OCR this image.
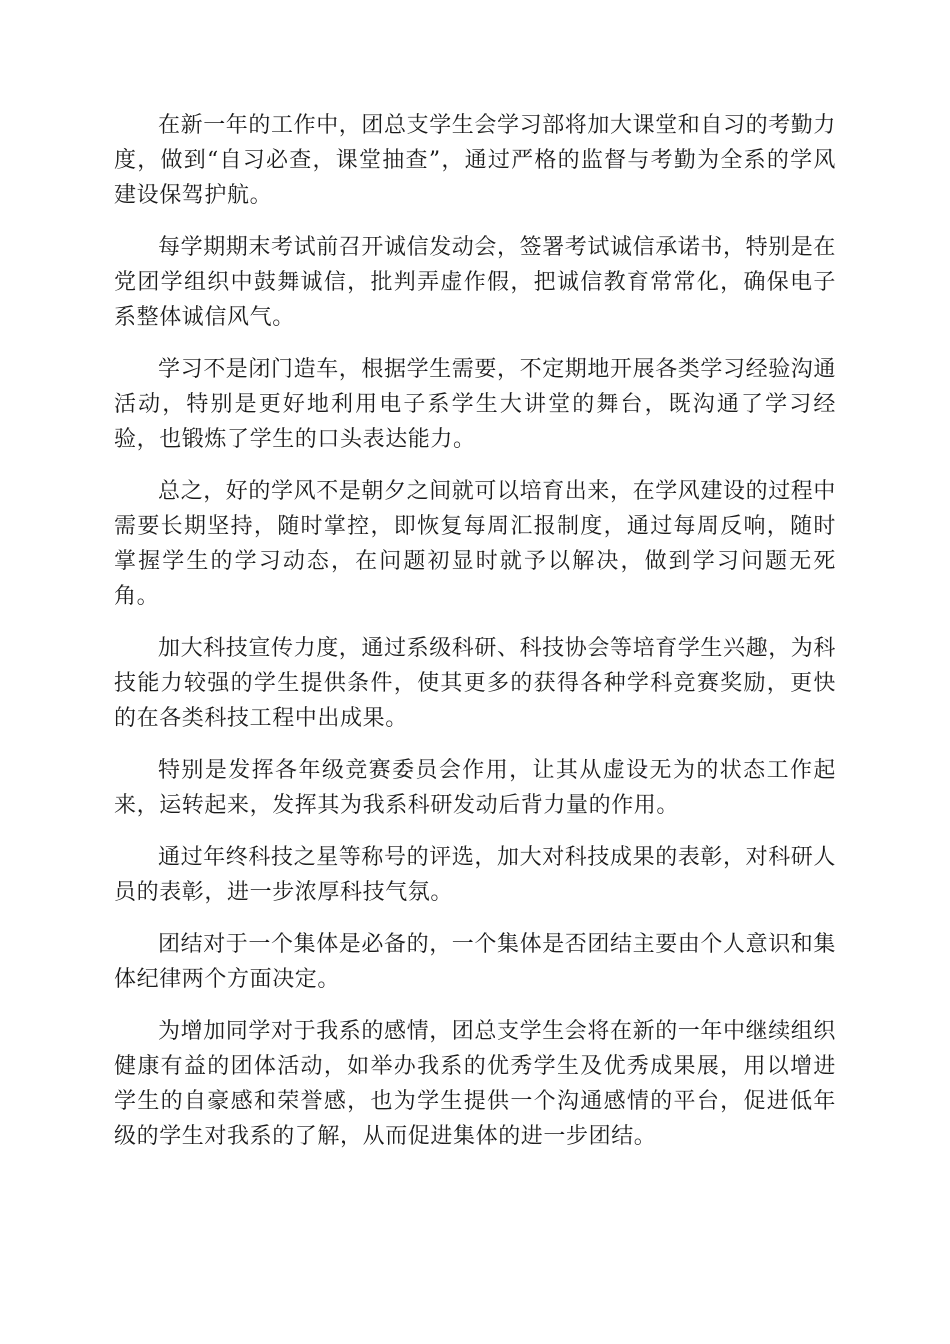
在新一年的工作中，团总支学生会学习部将加大课堂和自习的考勤力度，做到“自习必查，课堂抽查”，通过严格的监督与考勤为全系的学风建设保驾护航。

每学期期末考试前召开诚信发动会，签署考试诚信承诺书，特别是在党团学组织中鼓舞诚信，批判弄虚作假，把诚信教育常常化，确保电子系整体诚信风气。

学习不是闭门造车，根据学生需要，不定期地开展各类学习经验沟通活动，特别是更好地利用电子系学生大讲堂的舞台，既沟通了学习经验，也锻炼了学生的口头表达能力。

总之，好的学风不是朝夕之间就可以培育出来，在学风建设的过程中需要长期坚持，随时掌控，即恢复每周汇报制度，通过每周反响，随时掌握学生的学习动态，在问题初显时就予以解决，做到学习问题无死角。

加大科技宣传力度，通过系级科研、科技协会等培育学生兴趣，为科技能力较强的学生提供条件，使其更多的获得各种学科竞赛奖励，更快的在各类科技工程中出成果。

特别是发挥各年级竞赛委员会作用，让其从虚设无为的状态工作起来，运转起来，发挥其为我系科研发动后背力量的作用。

通过年终科技之星等称号的评选，加大对科技成果的表彰，对科研人员的表彰，进一步浓厚科技气氛。

团结对于一个集体是必备的，一个集体是否团结主要由个人意识和集体纪律两个方面决定。

为增加同学对于我系的感情，团总支学生会将在新的一年中继续组织健康有益的团体活动，如举办我系的优秀学生及优秀成果展，用以增进学生的自豪感和荣誉感，也为学生提供一个沟通感情的平台，促进低年级的学生对我系的了解，从而促进集体的进一步团结。
